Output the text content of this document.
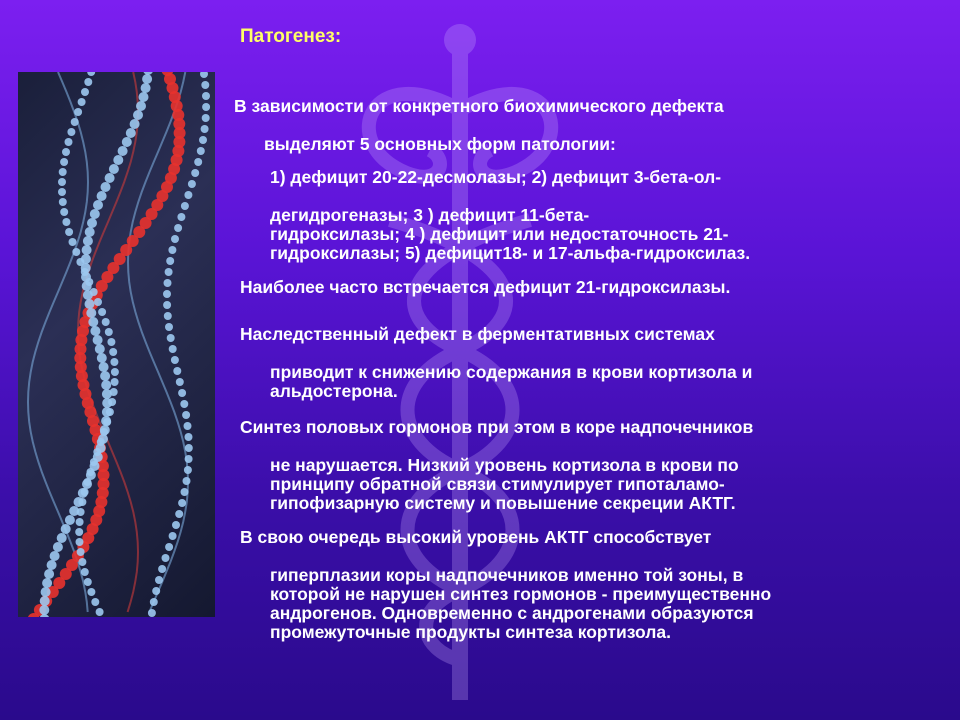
Патогенез:

В зависимости от конкретного биохимического дефекта

выделяют 5 основных форм патологии:

1) дефицит 20-22-десмолазы; 2) дефицит 3-бета-ол-

дегидрогеназы; 3 ) дефицит 11-бета-
гидроксилазы; 4 ) дефицит или недостаточность 21-
гидроксилазы; 5) дефицит18- и 17-альфа-гидроксилаз.

Наиболее часто встречается дефицит 21-гидроксилазы.

Наследственный дефект в ферментативных системах

приводит к снижению содержания в крови кортизола и
альдостерона.

Синтез половых гормонов при этом в коре надпочечников

не нарушается. Низкий уровень кортизола в крови по
принципу обратной связи стимулирует гипоталамо-
гипофизарную систему и повышение секреции АКТГ.

В свою очередь высокий уровень АКТГ способствует

гиперплазии коры надпочечников именно той зоны, в
которой не нарушен синтез гормонов - преимущественно
андрогенов. Одновременно с андрогенами образуются
промежуточные продукты синтеза кортизола.
